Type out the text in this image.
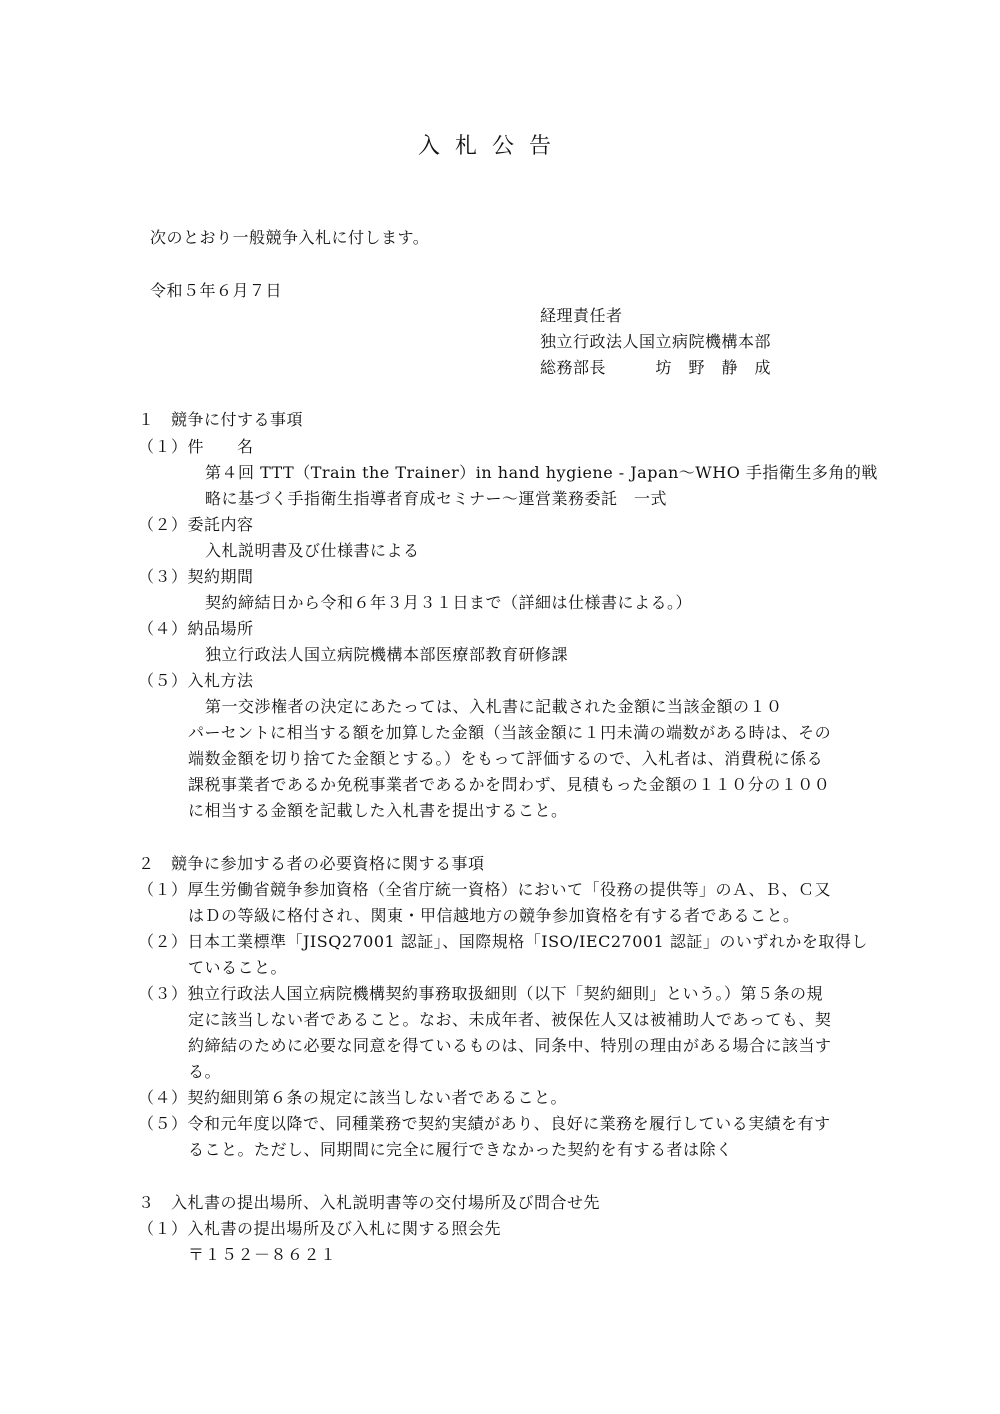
入 札 公 告
次のとおり一般競争入札に付します。
令和５年６月７日
経理責任者
独立行政法人国立病院機構本部
総務部長　　　坊　野　静　成
１　競争に付する事項
（１）件　　名
第４回 TTT（Train the Trainer）in hand hygiene - Japan～WHO 手指衛生多角的戦
略に基づく手指衛生指導者育成セミナー～運営業務委託　一式
（２）委託内容
入札説明書及び仕様書による
（３）契約期間
契約締結日から令和６年３月３１日まで（詳細は仕様書による。）
（４）納品場所
独立行政法人国立病院機構本部医療部教育研修課
（５）入札方法
第一交渉権者の決定にあたっては、入札書に記載された金額に当該金額の１０
パーセントに相当する額を加算した金額（当該金額に１円未満の端数がある時は、その
端数金額を切り捨てた金額とする。）をもって評価するので、入札者は、消費税に係る
課税事業者であるか免税事業者であるかを問わず、見積もった金額の１１０分の１００
に相当する金額を記載した入札書を提出すること。
２　競争に参加する者の必要資格に関する事項
（１）厚生労働省競争参加資格（全省庁統一資格）において「役務の提供等」のＡ、Ｂ、Ｃ又
はＤの等級に格付され、関東・甲信越地方の競争参加資格を有する者であること。
（２）日本工業標準「JISQ27001 認証」、国際規格「ISO/IEC27001 認証」のいずれかを取得し
ていること。
（３）独立行政法人国立病院機構契約事務取扱細則（以下「契約細則」という。）第５条の規
定に該当しない者であること。なお、未成年者、被保佐人又は被補助人であっても、契
約締結のために必要な同意を得ているものは、同条中、特別の理由がある場合に該当す
る。
（４）契約細則第６条の規定に該当しない者であること。
（５）令和元年度以降で、同種業務で契約実績があり、良好に業務を履行している実績を有す
ること。ただし、同期間に完全に履行できなかった契約を有する者は除く
３　入札書の提出場所、入札説明書等の交付場所及び問合せ先
（１）入札書の提出場所及び入札に関する照会先
〒１５２－８６２１
